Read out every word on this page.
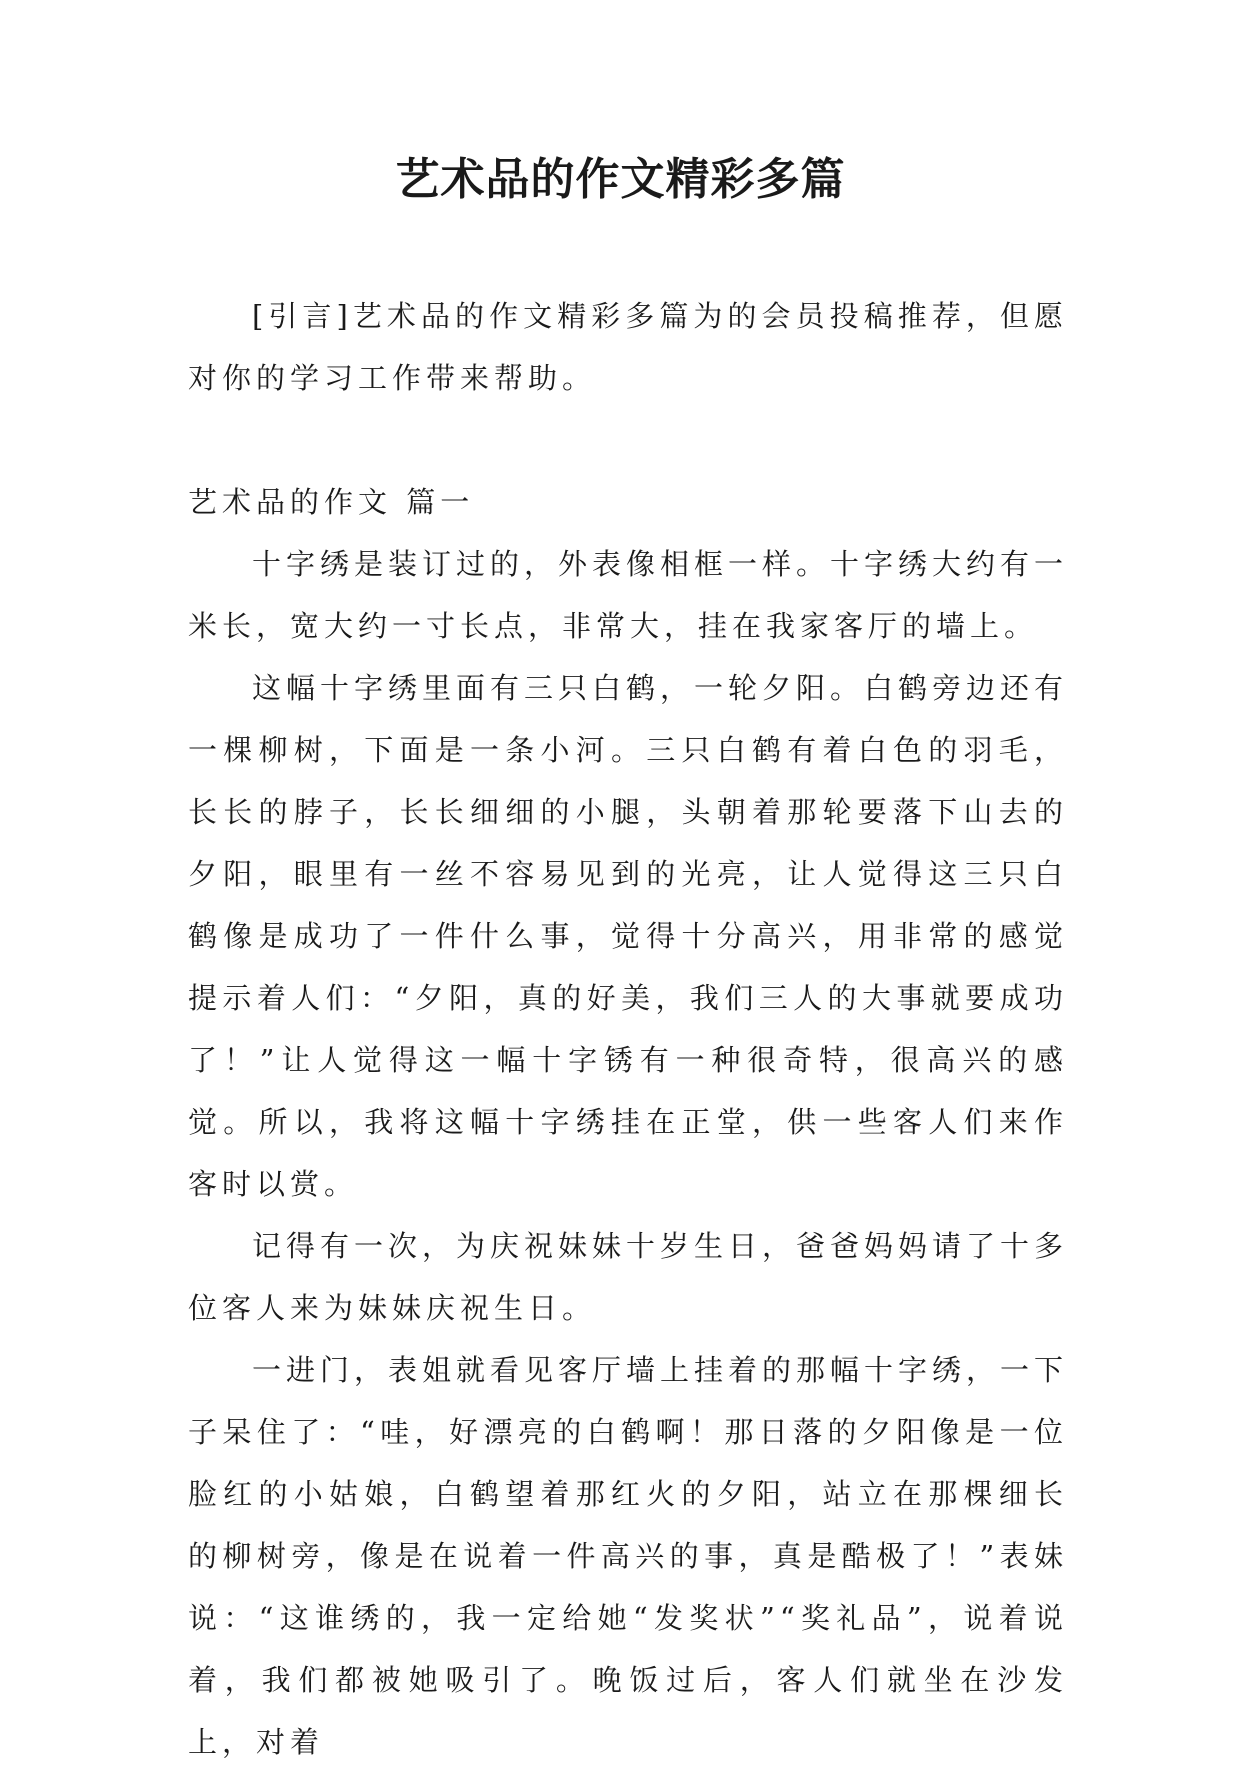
艺术品的作文精彩多篇

[引言]艺术品的作文精彩多篇为的会员投稿推荐，但愿对你的学习工作带来帮助。

艺术品的作文 篇一

十字绣是装订过的，外表像相框一样。十字绣大约有一米长，宽大约一寸长点，非常大，挂在我家客厅的墙上。

这幅十字绣里面有三只白鹤，一轮夕阳。白鹤旁边还有一棵柳树，下面是一条小河。三只白鹤有着白色的羽毛，长长的脖子，长长细细的小腿，头朝着那轮要落下山去的夕阳，眼里有一丝不容易见到的光亮，让人觉得这三只白鹤像是成功了一件什么事，觉得十分高兴，用非常的感觉提示着人们：“夕阳，真的好美，我们三人的大事就要成功了！”让人觉得这一幅十字锈有一种很奇特，很高兴的感觉。所以，我将这幅十字绣挂在正堂，供一些客人们来作客时以赏。

记得有一次，为庆祝妹妹十岁生日，爸爸妈妈请了十多位客人来为妹妹庆祝生日。

一进门，表姐就看见客厅墙上挂着的那幅十字绣，一下子呆住了：“哇，好漂亮的白鹤啊！那日落的夕阳像是一位脸红的小姑娘，白鹤望着那红火的夕阳，站立在那棵细长的柳树旁，像是在说着一件高兴的事，真是酷极了！”表妹说：“这谁绣的，我一定给她“发奖状”“奖礼品”，说着说着，我们都被她吸引了。晚饭过后，客人们就坐在沙发上，对着
